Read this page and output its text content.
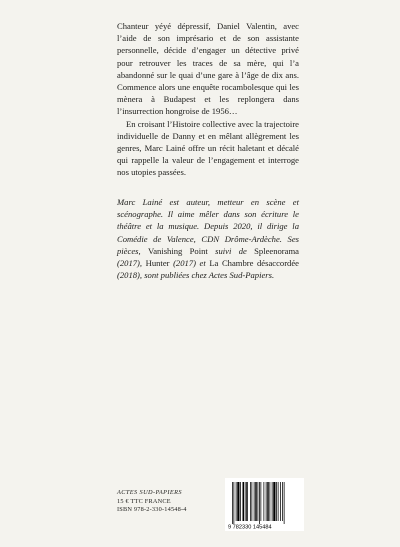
Chanteur yéyé dépressif, Daniel Valentin, avec l’aide de son imprésario et de son assistante personnelle, décide d’engager un détective privé pour retrouver les traces de sa mère, qui l’a abandonné sur le quai d’une gare à l’âge de dix ans. Commence alors une enquête rocambolesque qui les mènera à Budapest et les replongera dans l’insurrection hongroise de 1956…

En croisant l’Histoire collective avec la trajectoire individuelle de Danny et en mêlant allègrement les genres, Marc Lainé offre un récit haletant et décalé qui rappelle la valeur de l’engagement et interroge nos utopies passées.

Marc Lainé est auteur, metteur en scène et scénographe. Il aime mêler dans son écriture le théâtre et la musique. Depuis 2020, il dirige la Comédie de Valence, CDN Drôme-Ardèche. Ses pièces, Vanishing Point suivi de Spleenorama (2017), Hunter (2017) et La Chambre désaccordée (2018), sont publiées chez Actes Sud-Papiers.
ACTES SUD-PAPIERS
15 € TTC FRANCE
ISBN 978-2-330-14548-4
9 782330 145484
